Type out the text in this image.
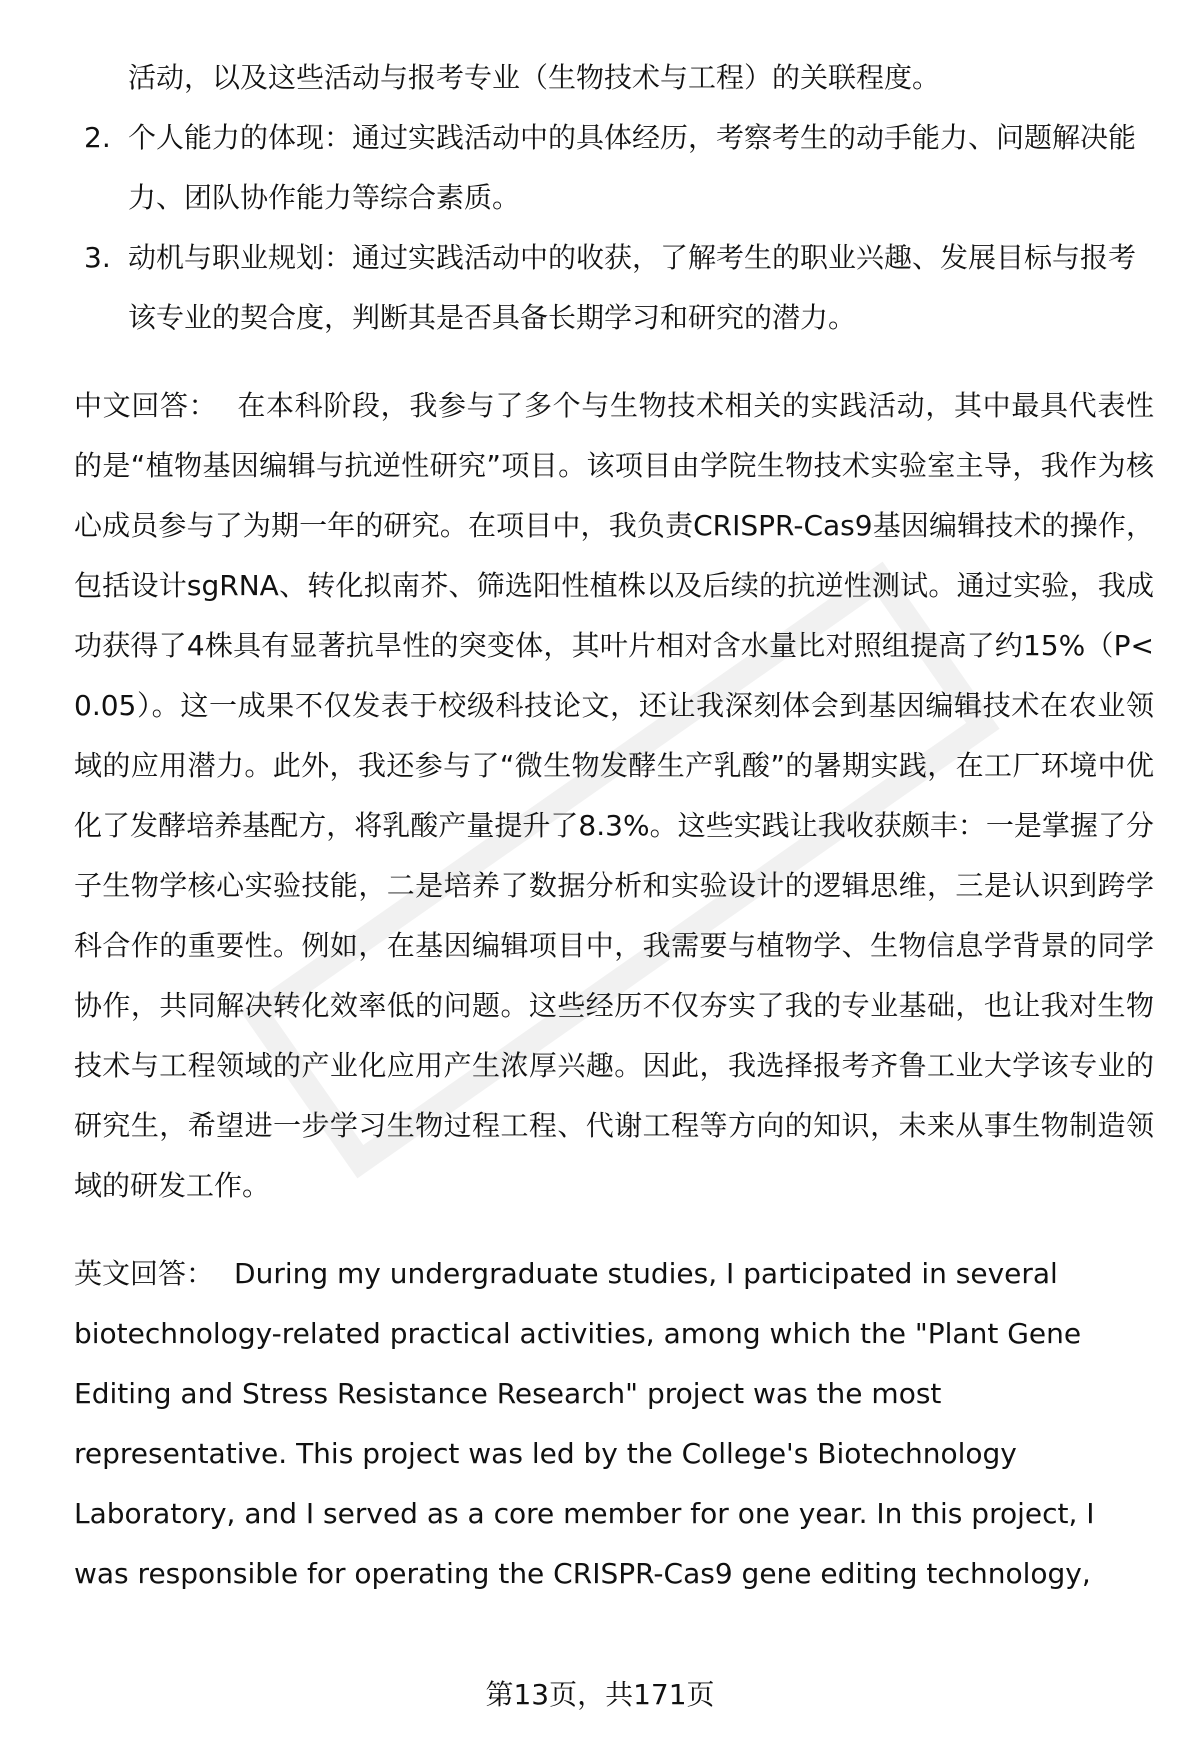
活动，以及这些活动与报考专业（生物技术与工程）的关联程度。

2. 个人能力的体现：通过实践活动中的具体经历，考察考生的动手能力、问题解决能力、团队协作能力等综合素质。
3. 动机与职业规划：通过实践活动中的收获，了解考生的职业兴趣、发展目标与报考该专业的契合度，判断其是否具备长期学习和研究的潜力。

中文回答： 在本科阶段，我参与了多个与生物技术相关的实践活动，其中最具代表性的是“植物基因编辑与抗逆性研究”项目。该项目由学院生物技术实验室主导，我作为核心成员参与了为期一年的研究。在项目中，我负责CRISPR-Cas9基因编辑技术的操作，包括设计sgRNA、转化拟南芥、筛选阳性植株以及后续的抗逆性测试。通过实验，我成功获得了4株具有显著抗旱性的突变体，其叶片相对含水量比对照组提高了约15%（P<0.05）。这一成果不仅发表于校级科技论文，还让我深刻体会到基因编辑技术在农业领域的应用潜力。此外，我还参与了“微生物发酵生产乳酸”的暑期实践，在工厂环境中优化了发酵培养基配方，将乳酸产量提升了8.3%。这些实践让我收获颇丰：一是掌握了分子生物学核心实验技能，二是培养了数据分析和实验设计的逻辑思维，三是认识到跨学科合作的重要性。例如，在基因编辑项目中，我需要与植物学、生物信息学背景的同学协作，共同解决转化效率低的问题。这些经历不仅夯实了我的专业基础，也让我对生物技术与工程领域的产业化应用产生浓厚兴趣。因此，我选择报考齐鲁工业大学该专业的研究生，希望进一步学习生物过程工程、代谢工程等方向的知识，未来从事生物制造领域的研发工作。

英文回答： During my undergraduate studies, I participated in several biotechnology-related practical activities, among which the "Plant Gene Editing and Stress Resistance Research" project was the most representative. This project was led by the College's Biotechnology Laboratory, and I served as a core member for one year. In this project, I was responsible for operating the CRISPR-Cas9 gene editing technology,

第13页，共171页
